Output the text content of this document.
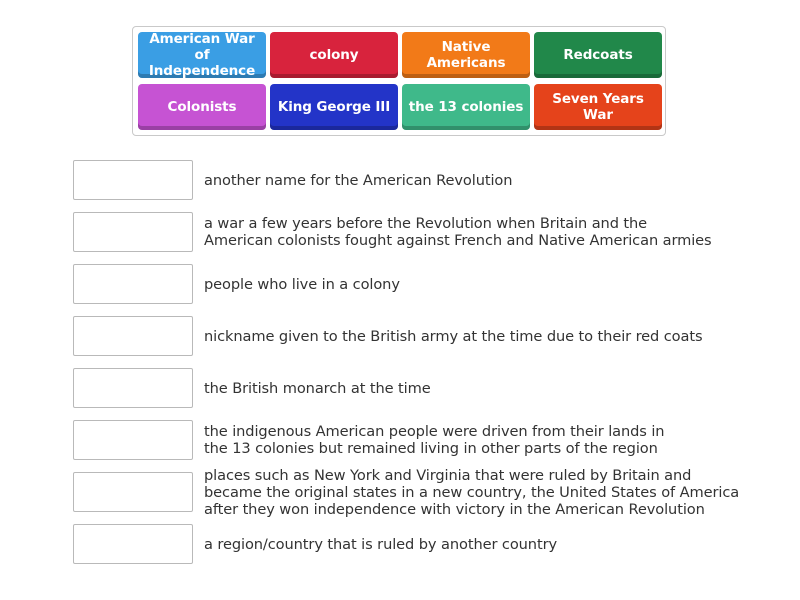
American War of Independence
colony	Native Americans	Redcoats
Colonists	King George III	the 13 colonies	Seven Years War
another name for the American Revolution
a war a few years before the Revolution when Britain and the
American colonists fought against French and Native American armies
people who live in a colony
nickname given to the British army at the time due to their red coats
the British monarch at the time
the indigenous American people were driven from their lands in
the 13 colonies but remained living in other parts of the region
places such as New York and Virginia that were ruled by Britain and
became the original states in a new country, the United States of America
after they won independence with victory in the American Revolution
a region/country that is ruled by another country
